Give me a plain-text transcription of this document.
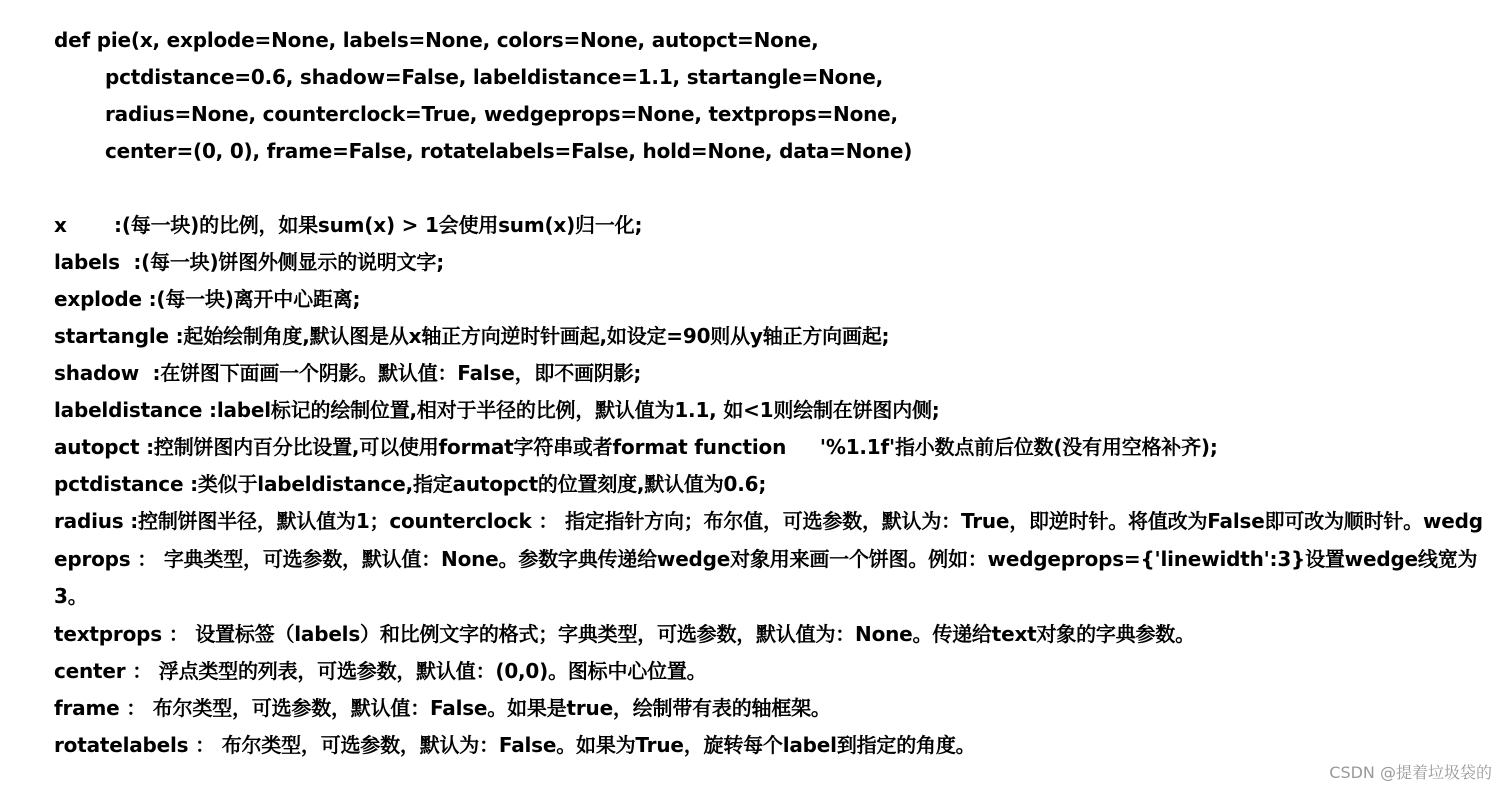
def pie(x, explode=None, labels=None, colors=None, autopct=None,
pctdistance=0.6, shadow=False, labeldistance=1.1, startangle=None,
radius=None, counterclock=True, wedgeprops=None, textprops=None,
center=(0, 0), frame=False, rotatelabels=False, hold=None, data=None)
x       :(每一块)的比例，如果sum(x) > 1会使用sum(x)归一化;
labels  :(每一块)饼图外侧显示的说明文字;
explode :(每一块)离开中心距离;
startangle :起始绘制角度,默认图是从x轴正方向逆时针画起,如设定=90则从y轴正方向画起;
shadow  :在饼图下面画一个阴影。默认值：False，即不画阴影;
labeldistance :label标记的绘制位置,相对于半径的比例，默认值为1.1, 如<1则绘制在饼图内侧;
autopct :控制饼图内百分比设置,可以使用format字符串或者format function     '%1.1f'指小数点前后位数(没有用空格补齐);
pctdistance :类似于labeldistance,指定autopct的位置刻度,默认值为0.6;
radius :控制饼图半径，默认值为1；counterclock ： 指定指针方向；布尔值，可选参数，默认为：True，即逆时针。将值改为False即可改为顺时针。wedgeprops ： 字典类型，可选参数，默认值：None。参数字典传递给wedge对象用来画一个饼图。例如：wedgeprops={'linewidth':3}设置wedge线宽为3。
textprops ： 设置标签（labels）和比例文字的格式；字典类型，可选参数，默认值为：None。传递给text对象的字典参数。
center ： 浮点类型的列表，可选参数，默认值：(0,0)。图标中心位置。
frame ： 布尔类型，可选参数，默认值：False。如果是true，绘制带有表的轴框架。
rotatelabels ： 布尔类型，可选参数，默认为：False。如果为True，旋转每个label到指定的角度。
CSDN @提着垃圾袋的
